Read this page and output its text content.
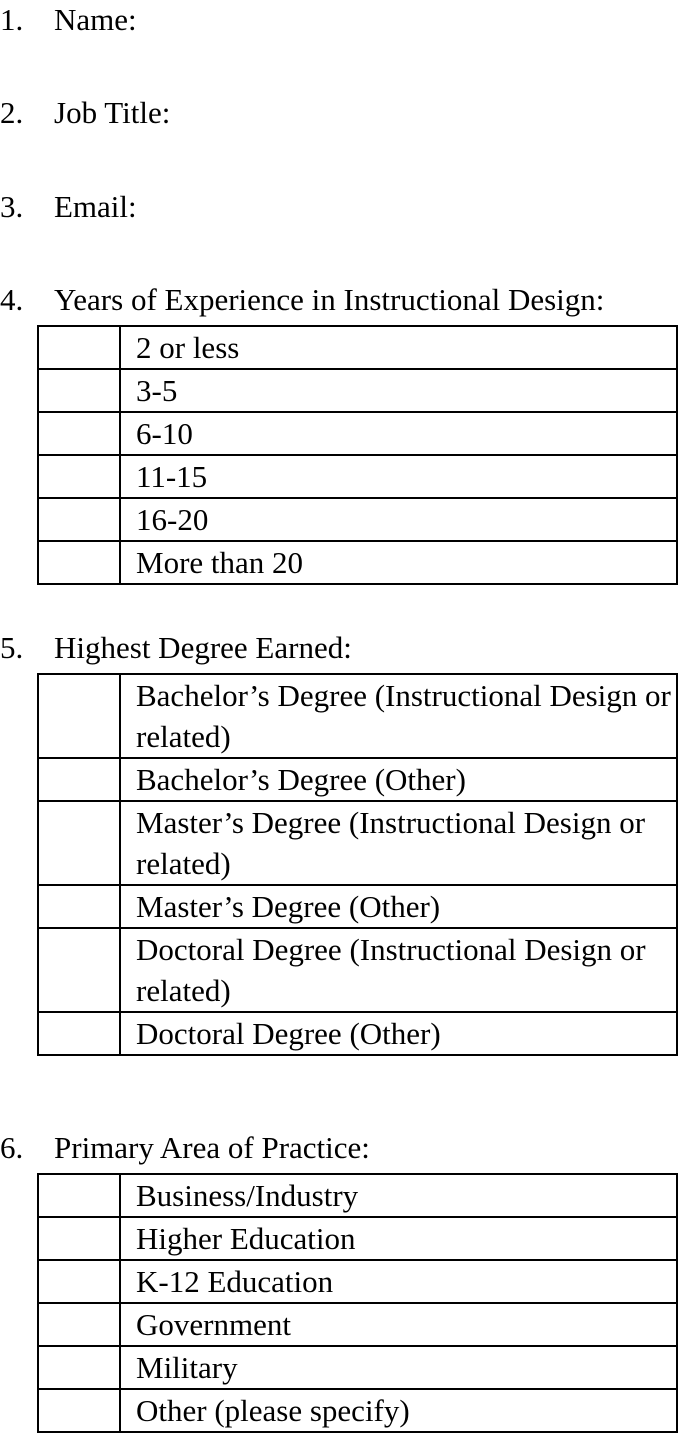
1. Name:
2. Job Title:
3. Email:
4. Years of Experience in Instructional Design:
	2 or less
	3-5
	6-10
	11-15
	16-20
	More than 20
5. Highest Degree Earned:
	Bachelor’s Degree (Instructional Design or related)
	Bachelor’s Degree (Other)
	Master’s Degree (Instructional Design or related)
	Master’s Degree (Other)
	Doctoral Degree (Instructional Design or related)
	Doctoral Degree (Other)
6. Primary Area of Practice:
	Business/Industry
	Higher Education
	K-12 Education
	Government
	Military
	Other (please specify)
